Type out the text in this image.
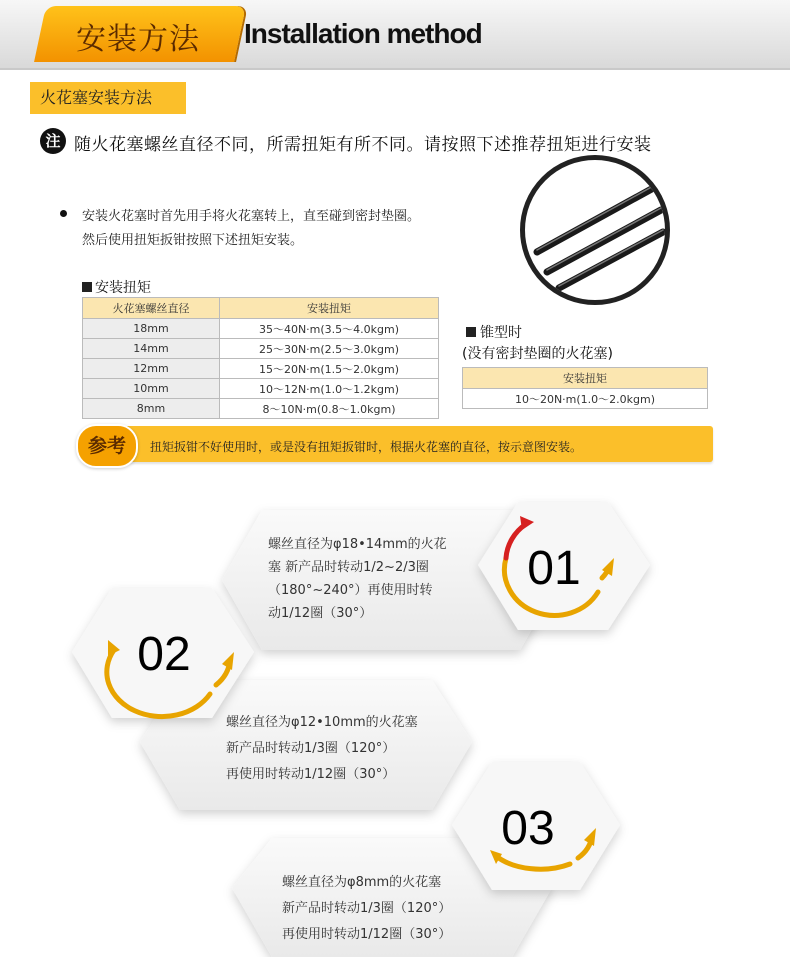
安装方法	Installation method
火花塞安装方法
注 随火花塞螺丝直径不同，所需扭矩有所不同。请按照下述推荐扭矩进行安装
安装火花塞时首先用手将火花塞转上，直至碰到密封垫圈。
然后使用扭矩扳钳按照下述扭矩安装。
安装扭矩
火花塞螺丝直径	安装扭矩
18mm	35～40N·m(3.5～4.0kgm)
14mm	25～30N·m(2.5～3.0kgm)
12mm	15～20N·m(1.5～2.0kgm)
10mm	10～12N·m(1.0～1.2kgm)
8mm	8～10N·m(0.8～1.0kgm)
锥型时
(没有密封垫圈的火花塞)
安装扭矩
10～20N·m(1.0～2.0kgm)
参考	扭矩扳钳不好使用时，或是没有扭矩扳钳时，根据火花塞的直径，按示意图安装。
01
02
03
螺丝直径为φ18•14mm的火花
塞 新产品时转动1/2~2/3圈
（180°~240°）再使用时转
动1/12圈（30°）
螺丝直径为φ12•10mm的火花塞
新产品时转动1/3圈（120°）
再使用时转动1/12圈（30°）
螺丝直径为φ8mm的火花塞
新产品时转动1/3圈（120°）
再使用时转动1/12圈（30°）
